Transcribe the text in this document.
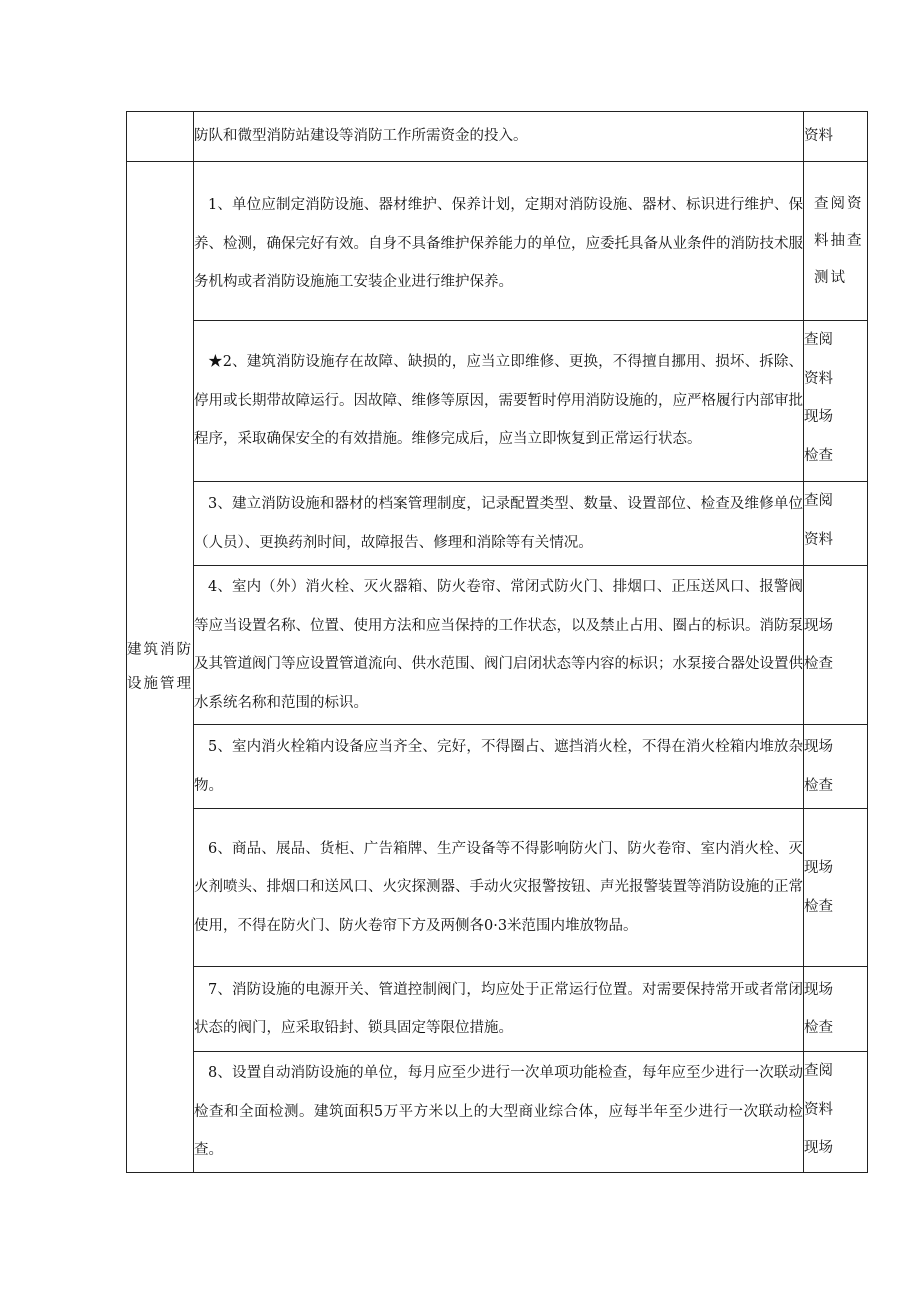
	防队和微型消防站建设等消防工作所需资金的投入。	资料
建筑消防设施管理	1、单位应制定消防设施、器材维护、保养计划，定期对消防设施、器材、标识进行维护、保养、检测，确保完好有效。自身不具备维护保养能力的单位，应委托具备从业条件的消防技术服务机构或者消防设施施工安装企业进行维护保养。	查阅资料抽查测试
	★2、建筑消防设施存在故障、缺损的，应当立即维修、更换，不得擅自挪用、损坏、拆除、停用或长期带故障运行。因故障、维修等原因，需要暂时停用消防设施的，应严格履行内部审批程序，采取确保安全的有效措施。维修完成后，应当立即恢复到正常运行状态。	查阅
资料
现场
检查
	3、建立消防设施和器材的档案管理制度，记录配置类型、数量、设置部位、检查及维修单位（人员）、更换药剂时间，故障报告、修理和消除等有关情况。	查阅
资料
	4、室内（外）消火栓、灭火器箱、防火卷帘、常闭式防火门、排烟口、正压送风口、报警阀等应当设置名称、位置、使用方法和应当保持的工作状态，以及禁止占用、圈占的标识。消防泵及其管道阀门等应设置管道流向、供水范围、阀门启闭状态等内容的标识；水泵接合器处设置供水系统名称和范围的标识。	现场
检查
	5、室内消火栓箱内设备应当齐全、完好，不得圈占、遮挡消火栓，不得在消火栓箱内堆放杂物。	现场
检查
	6、商品、展品、货柜、广告箱牌、生产设备等不得影响防火门、防火卷帘、室内消火栓、灭火剂喷头、排烟口和送风口、火灾探测器、手动火灾报警按钮、声光报警装置等消防设施的正常使用，不得在防火门、防火卷帘下方及两侧各0·3米范围内堆放物品。	现场
检查
	7、消防设施的电源开关、管道控制阀门，均应处于正常运行位置。对需要保持常开或者常闭状态的阀门，应采取铅封、锁具固定等限位措施。	现场
检查
	8、设置自动消防设施的单位，每月应至少进行一次单项功能检查，每年应至少进行一次联动检查和全面检测。建筑面积5万平方米以上的大型商业综合体，应每半年至少进行一次联动检查。	查阅
资料
现场
